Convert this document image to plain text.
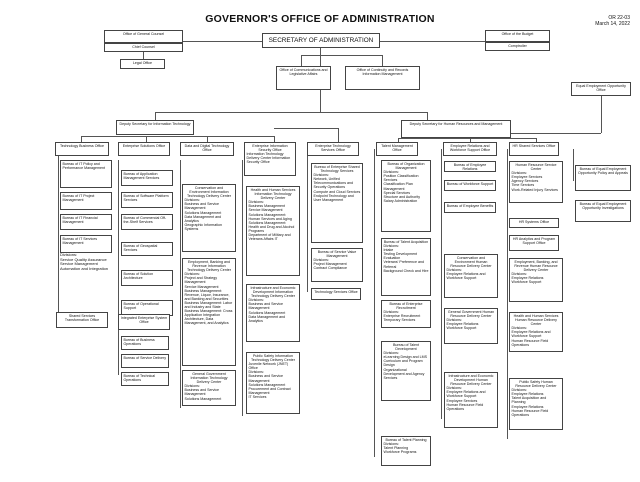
GOVERNOR'S OFFICE OF ADMINISTRATION	OR 22-03
March 14, 2022
Office of General Counsel
Chief Counsel
Legal Office
SECRETARY OF ADMINISTRATION
Office of the Budget
Comptroller
Office of Communications and Legislative Affairs
Office of Continuity and Records Information Management
Deputy Secretary for Information Technology	Deputy Secretary for Human Resources and Management
Equal Employment Opportunity Office
Technology Business Office
Bureau of IT Policy and Performance Management
Bureau of IT Project Management
Bureau of IT Financial Management
Bureau of IT Services Management
Divisions:
Service Quality Assurance
Service Management Automation and Integration
Shared Services Transformation Office
Enterprise Solutions Office
Bureau of Application Management Services
Bureau of Software Platform Services
Bureau of Commercial Off-the-Shelf Services
Bureau of Geospatial Services
Bureau of Solution Architecture
Bureau of Operational Support
Integrated Enterprise System Office
Bureau of Business Operations
Bureau of Service Delivery
Bureau of Technical Operations
Data and Digital Technology Office
Conservation and Environment Information Technology Delivery Center
Divisions:
Business and Service Management
Solutions Management
Data Management and Analytics
Geographic Information Systems
Employment, Banking and Revenue Information Technology Delivery Center
Divisions:
Project and Strategy Management
Service Management
Business Management: Revenue, Liquor, Insurance, and Banking and Securities
Business Management: Labor and Industry and State
Business Management: Cross Application Integration
Architecture, Data Management, and Analytics
General Government Information Technology Delivery Center
Divisions:
Business and Service Management
Solutions Management
Enterprise Information Security Office
Information Technology Delivery Center Information Security Office
Health and Human Services Information Technology Delivery Center
Divisions:
Business Management
Service Management
Solutions Management: Human Services and Aging
Solutions Management: Health and Drug and Alcohol Programs
Department of Military and Veterans Affairs IT
Infrastructure and Economic Development Information Technology Delivery Center
Divisions:
Business and Service Management
Solutions Management
Data Management and Analytics
Public Safety Information Technology Delivery Center
Juvenile Network (JNET) Office
Divisions:
Business and Service Management
Solutions Management
Procurement and Contract Management
IT Services
Enterprise Technology Services Office
Bureau of Enterprise Shared Technology Services
Divisions:
Network, Unified Telecommunications and Security Operations
Compute and Cloud Services
Endpoint Technology and User Management
Bureau of Service Value Management
Divisions:
Project Management
Contract Compliance
Technology Services Office
Talent Management Office
Bureau of Organization Management
Divisions:
Position Classification Services
Classification Plan Management
Special Services
Structure and Authority
Salary Administration
Bureau of Talent Acquisition
Divisions:
Intake
Testing Development
Evaluation
Veterans' Preference and Referral
Background Check and Hire
Bureau of Enterprise Recruitment
Divisions:
Enterprise Recruitment
Temporary Services
Bureau of Talent Development
Divisions:
eLearning Design and LMS
Curriculum and Program Design
Organizational Development and Agency Services
Bureau of Talent Planning
Divisions:
Talent Planning
Workforce Programs
Employee Relations and Workforce Support Office
Bureau of Employee Relations
Bureau of Workforce Support
Bureau of Employee Benefits
Conservation and Environment Human Resource Delivery Center
Divisions:
Employee Relations and Workforce Support
General Government Human Resource Delivery Center
Divisions:
Employee Relations
Workforce Support
Infrastructure and Economic Development Human Resource Delivery Center
Divisions:
Employee Relations and Workforce Support
Employee Services
Human Resource Field Operations
HR Shared Services Office
Human Resource Service Center
Divisions:
Employee Services
Agency Services
Time Services
Work-Related Injury Services
HR Systems Office
HR Analytics and Program Support Office
Employment, Banking, and Revenue Human Resource Delivery Center
Divisions:
Employee Relations
Workforce Support
Health and Human Services Human Resource Delivery Center
Divisions:
Employee Relations and Workforce Support
Human Resource Field Operations
Public Safety Human Resource Delivery Center
Divisions:
Employee Relations
Talent Acquisition and Planning
Employee Relations
Human Resource Field Operations
Bureau of Equal Employment Opportunity Policy and Appeals
Bureau of Equal Employment Opportunity Investigations
